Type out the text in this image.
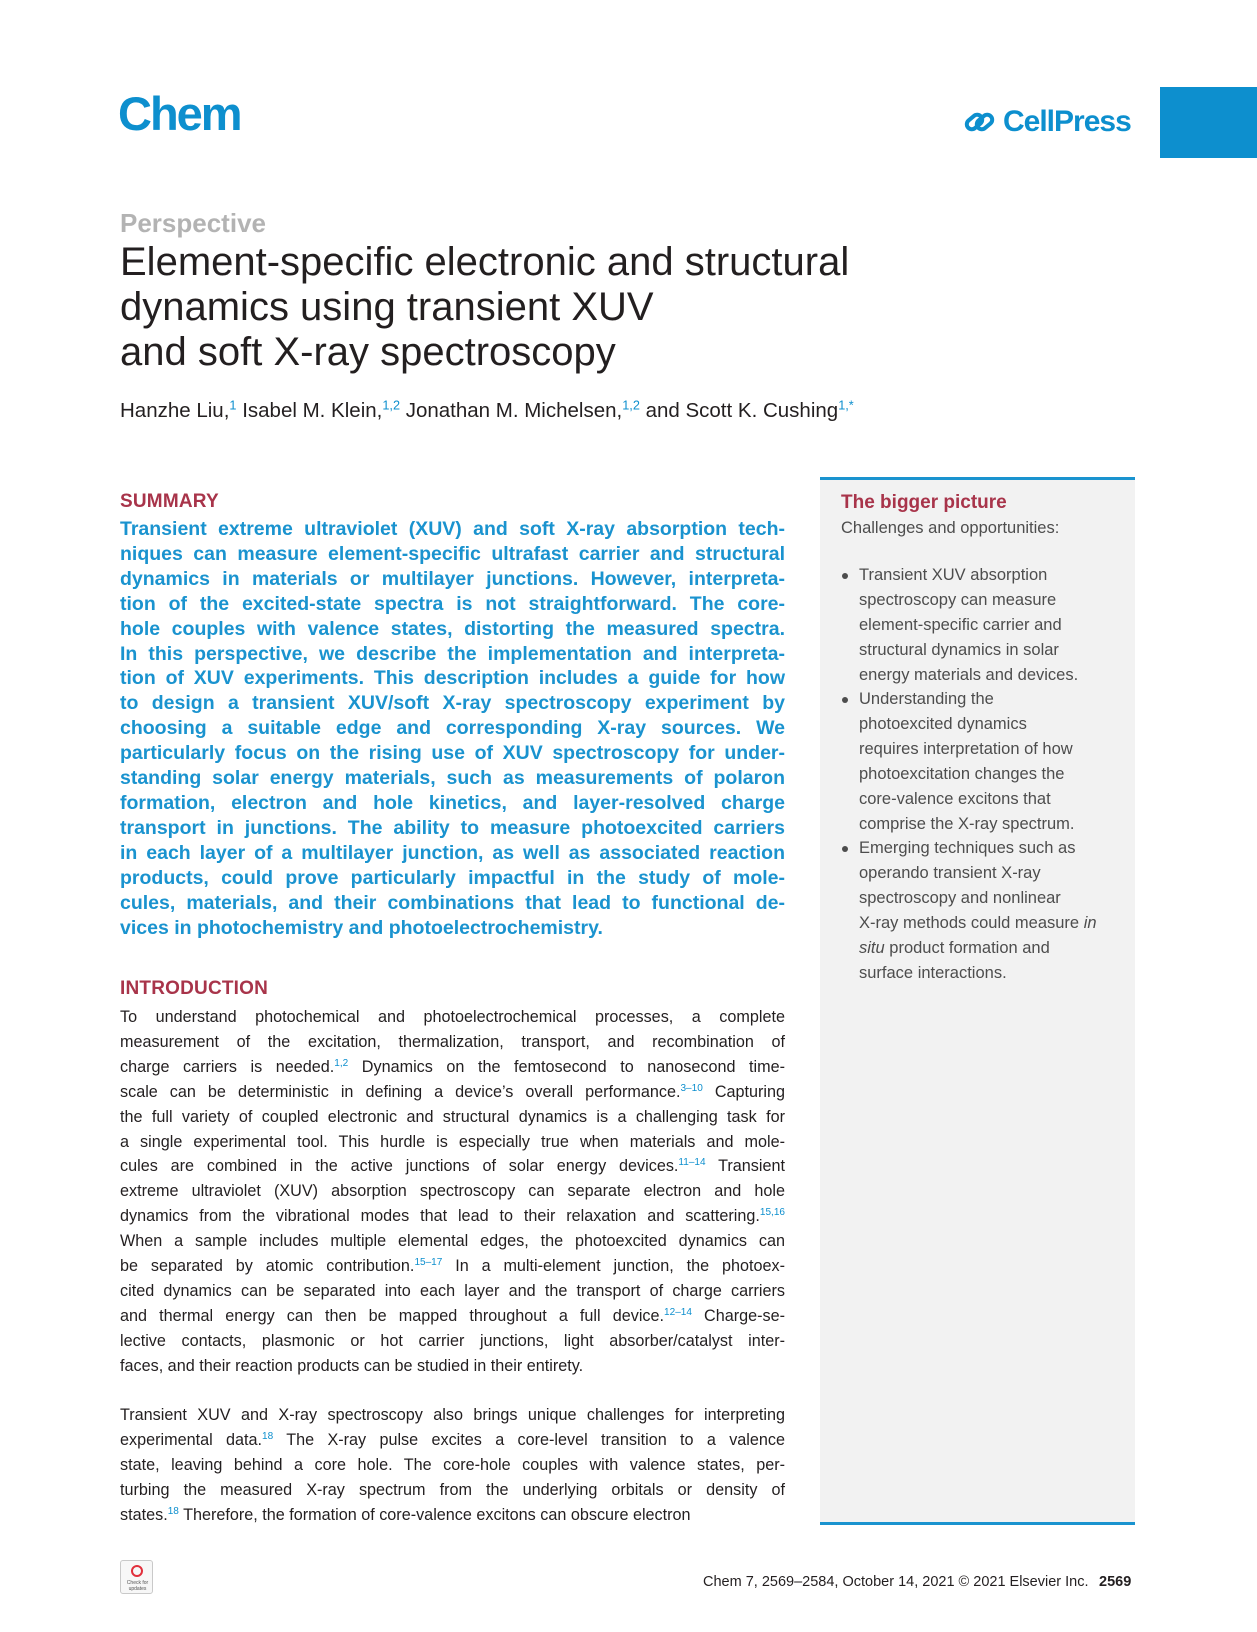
Chem	CellPress
Perspective
Element-specific electronic and structural
dynamics using transient XUV
and soft X-ray spectroscopy
Hanzhe Liu,$^1$ Isabel M. Klein,$^{1,2}$ Jonathan M. Michelsen,$^{1,2}$ and Scott K. Cushing$^{1,*}$
SUMMARY
Transient extreme ultraviolet (XUV) and soft X-ray absorption tech-
niques can measure element-specific ultrafast carrier and structural
dynamics in materials or multilayer junctions. However, interpreta-
tion of the excited-state spectra is not straightforward. The core-
hole couples with valence states, distorting the measured spectra.
In this perspective, we describe the implementation and interpreta-
tion of XUV experiments. This description includes a guide for how
to design a transient XUV/soft X-ray spectroscopy experiment by
choosing a suitable edge and corresponding X-ray sources. We
particularly focus on the rising use of XUV spectroscopy for under-
standing solar energy materials, such as measurements of polaron
formation, electron and hole kinetics, and layer-resolved charge
transport in junctions. The ability to measure photoexcited carriers
in each layer of a multilayer junction, as well as associated reaction
products, could prove particularly impactful in the study of mole-
cules, materials, and their combinations that lead to functional de-
vices in photochemistry and photoelectrochemistry.
INTRODUCTION
To understand photochemical and photoelectrochemical processes, a complete
measurement of the excitation, thermalization, transport, and recombination of
charge carriers is needed.$^{1,2}$ Dynamics on the femtosecond to nanosecond time-
scale can be deterministic in defining a device’s overall performance.$^{3-10}$ Capturing
the full variety of coupled electronic and structural dynamics is a challenging task for
a single experimental tool. This hurdle is especially true when materials and mole-
cules are combined in the active junctions of solar energy devices.$^{11-14}$ Transient
extreme ultraviolet (XUV) absorption spectroscopy can separate electron and hole
dynamics from the vibrational modes that lead to their relaxation and scattering.$^{15,16}$
When a sample includes multiple elemental edges, the photoexcited dynamics can
be separated by atomic contribution.$^{15-17}$ In a multi-element junction, the photoex-
cited dynamics can be separated into each layer and the transport of charge carriers
and thermal energy can then be mapped throughout a full device.$^{12-14}$ Charge-se-
lective contacts, plasmonic or hot carrier junctions, light absorber/catalyst inter-
faces, and their reaction products can be studied in their entirety.
Transient XUV and X-ray spectroscopy also brings unique challenges for interpreting
experimental data.$^{18}$ The X-ray pulse excites a core-level transition to a valence
state, leaving behind a core hole. The core-hole couples with valence states, per-
turbing the measured X-ray spectrum from the underlying orbitals or density of
states.$^{18}$ Therefore, the formation of core-valence excitons can obscure electron
The bigger picture
Challenges and opportunities:
Transient XUV absorption
spectroscopy can measure
element-specific carrier and
structural dynamics in solar
energy materials and devices.
Understanding the
photoexcited dynamics
requires interpretation of how
photoexcitation changes the
core-valence excitons that
comprise the X-ray spectrum.
Emerging techniques such as
operando transient X-ray
spectroscopy and nonlinear
X-ray methods could measure in
situ product formation and
surface interactions.
Check for updates	Chem 7, 2569–2584, October 14, 2021 © 2021 Elsevier Inc. 2569
